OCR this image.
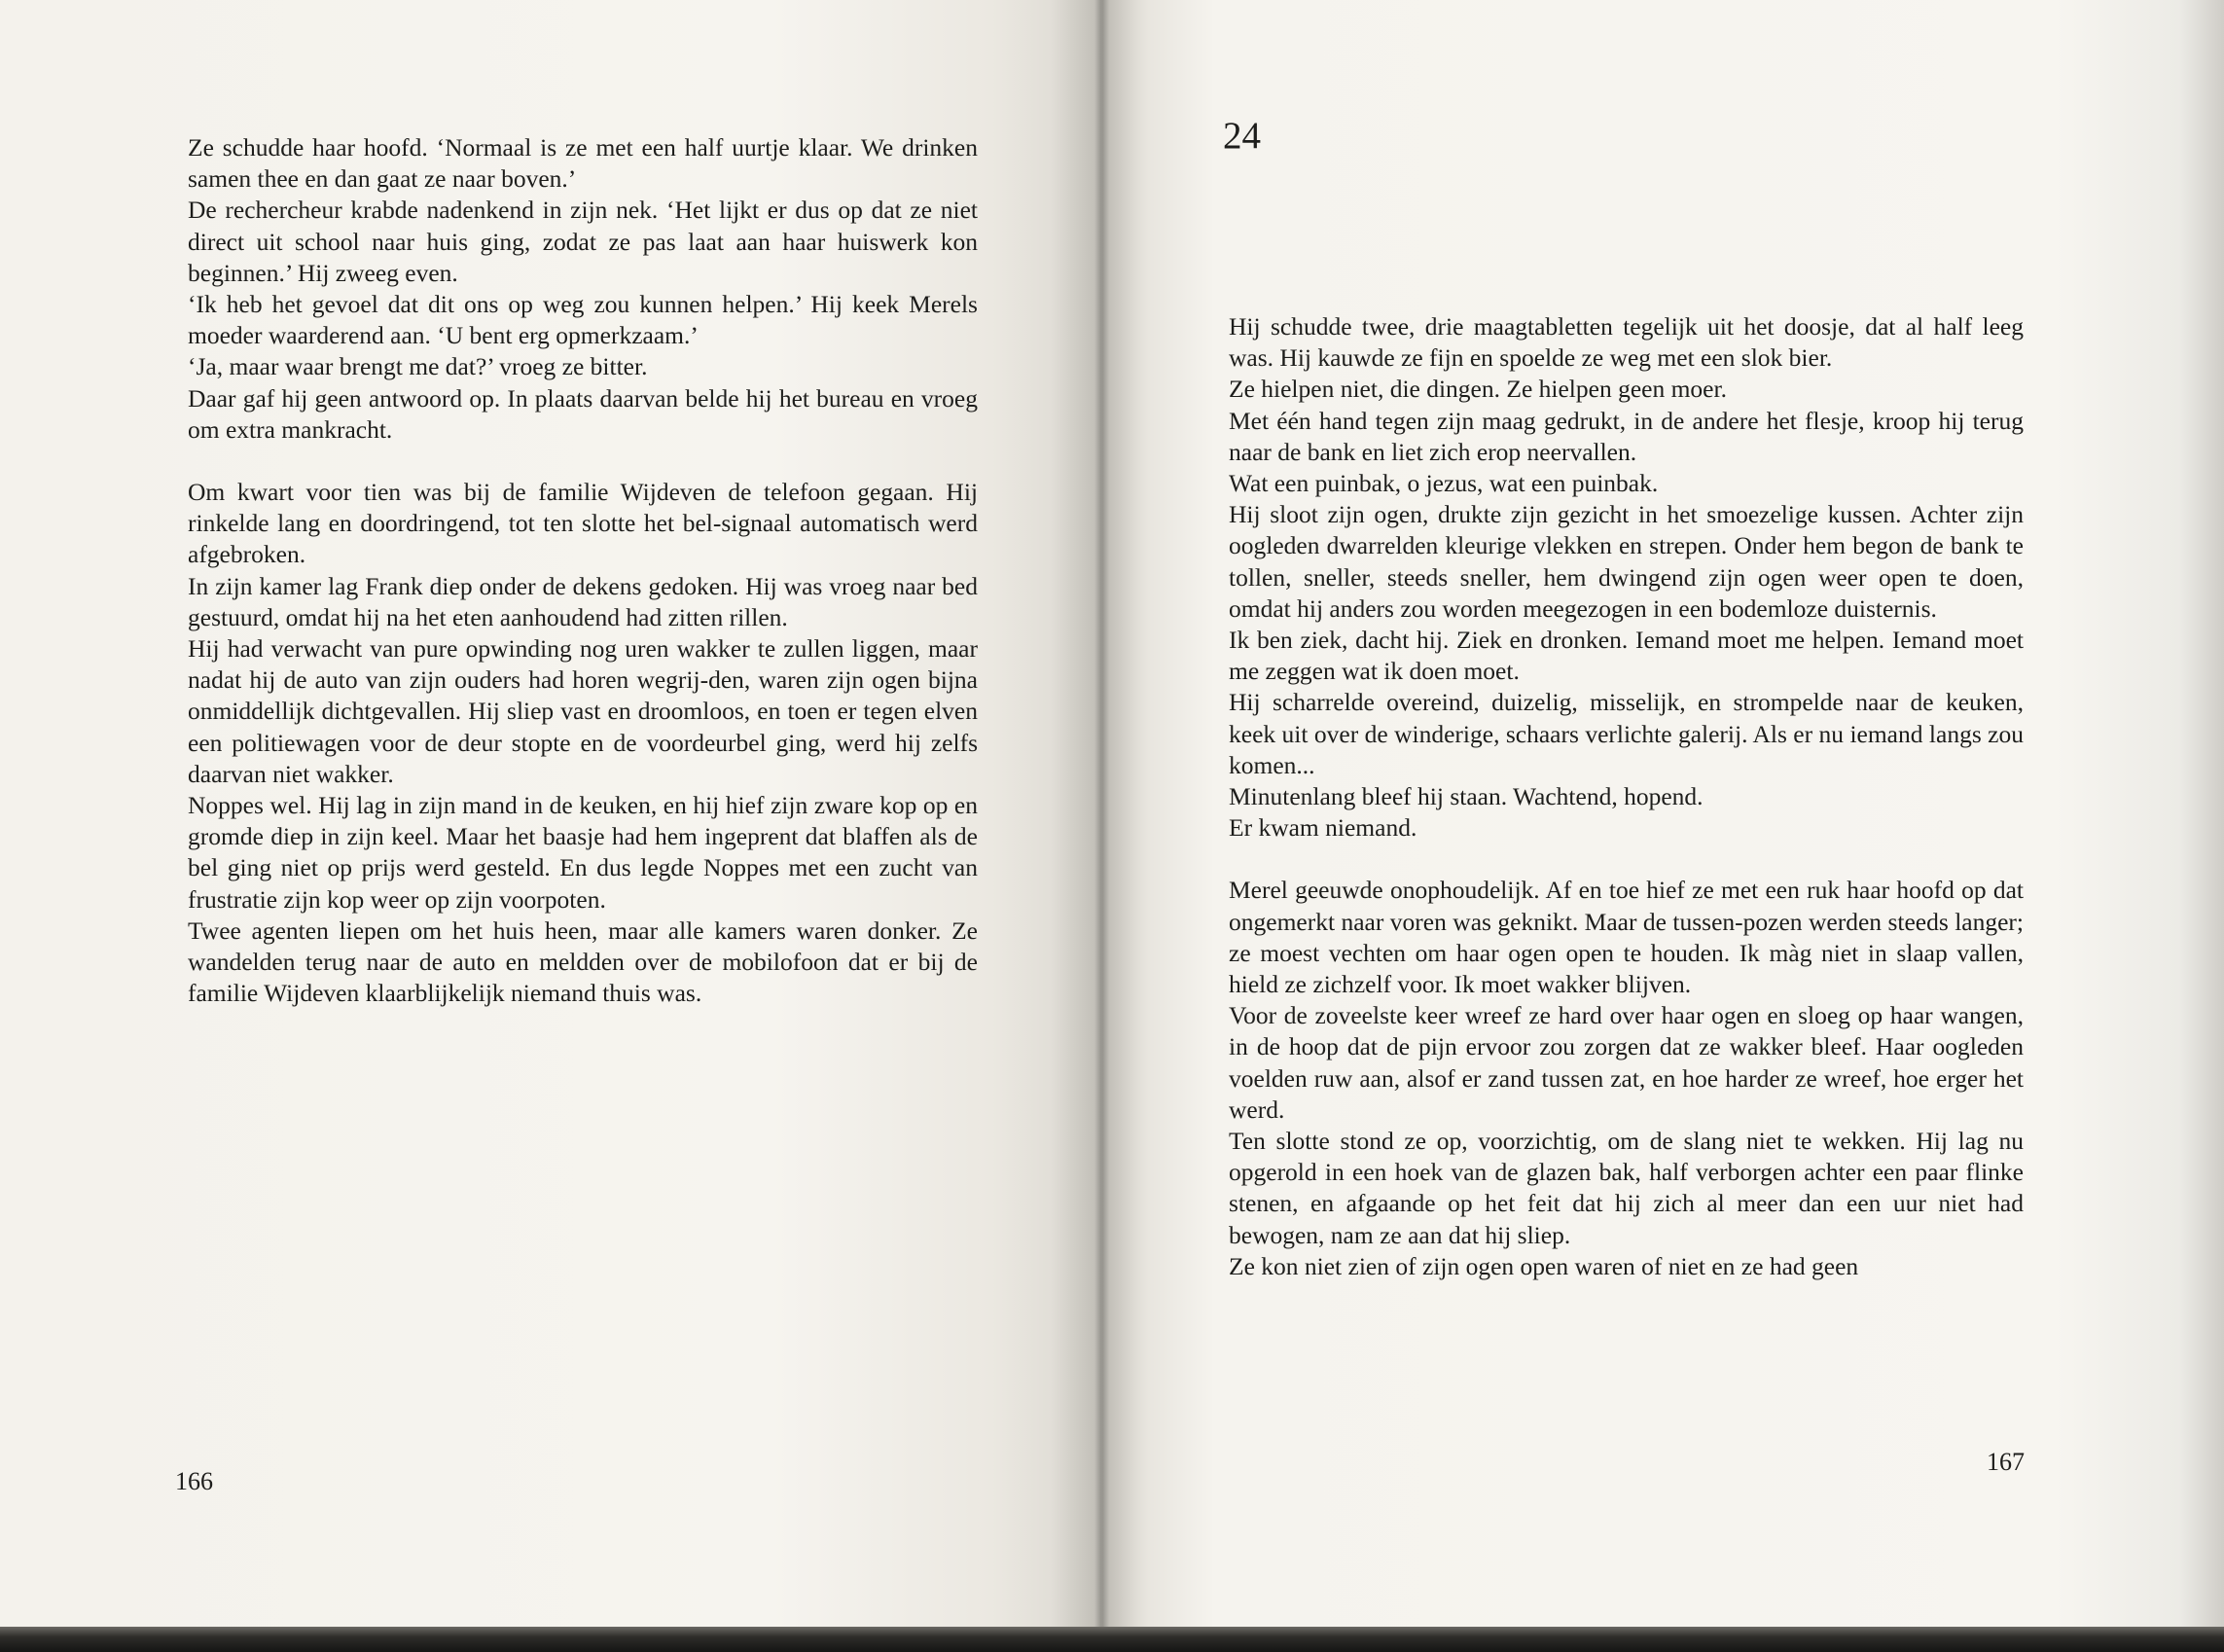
Ze schudde haar hoofd. ‘Normaal is ze met een half uurtje klaar. We drinken samen thee en dan gaat ze naar boven.’

De rechercheur krabde nadenkend in zijn nek. ‘Het lijkt er dus op dat ze niet direct uit school naar huis ging, zodat ze pas laat aan haar huiswerk kon beginnen.’ Hij zweeg even.

‘Ik heb het gevoel dat dit ons op weg zou kunnen helpen.’ Hij keek Merels moeder waarderend aan. ‘U bent erg opmerkzaam.’

‘Ja, maar waar brengt me dat?’ vroeg ze bitter.

Daar gaf hij geen antwoord op. In plaats daarvan belde hij het bureau en vroeg om extra mankracht.

Om kwart voor tien was bij de familie Wijdeven de telefoon gegaan. Hij rinkelde lang en doordringend, tot ten slotte het bel-signaal automatisch werd afgebroken.

In zijn kamer lag Frank diep onder de dekens gedoken. Hij was vroeg naar bed gestuurd, omdat hij na het eten aanhoudend had zitten rillen.

Hij had verwacht van pure opwinding nog uren wakker te zullen liggen, maar nadat hij de auto van zijn ouders had horen wegrij-den, waren zijn ogen bijna onmiddellijk dichtgevallen. Hij sliep vast en droomloos, en toen er tegen elven een politiewagen voor de deur stopte en de voordeurbel ging, werd hij zelfs daarvan niet wakker.

Noppes wel. Hij lag in zijn mand in de keuken, en hij hief zijn zware kop op en gromde diep in zijn keel. Maar het baasje had hem ingeprent dat blaffen als de bel ging niet op prijs werd gesteld. En dus legde Noppes met een zucht van frustratie zijn kop weer op zijn voorpoten.

Twee agenten liepen om het huis heen, maar alle kamers waren donker. Ze wandelden terug naar de auto en meldden over de mobilofoon dat er bij de familie Wijdeven klaarblijkelijk niemand thuis was.

166
24

Hij schudde twee, drie maagtabletten tegelijk uit het doosje, dat al half leeg was. Hij kauwde ze fijn en spoelde ze weg met een slok bier.

Ze hielpen niet, die dingen. Ze hielpen geen moer.

Met één hand tegen zijn maag gedrukt, in de andere het flesje, kroop hij terug naar de bank en liet zich erop neervallen.

Wat een puinbak, o jezus, wat een puinbak.

Hij sloot zijn ogen, drukte zijn gezicht in het smoezelige kussen. Achter zijn oogleden dwarrelden kleurige vlekken en strepen. Onder hem begon de bank te tollen, sneller, steeds sneller, hem dwingend zijn ogen weer open te doen, omdat hij anders zou worden meegezogen in een bodemloze duisternis.

Ik ben ziek, dacht hij. Ziek en dronken. Iemand moet me helpen. Iemand moet me zeggen wat ik doen moet.

Hij scharrelde overeind, duizelig, misselijk, en strompelde naar de keuken, keek uit over de winderige, schaars verlichte galerij. Als er nu iemand langs zou komen...

Minutenlang bleef hij staan. Wachtend, hopend.

Er kwam niemand.

Merel geeuwde onophoudelijk. Af en toe hief ze met een ruk haar hoofd op dat ongemerkt naar voren was geknikt. Maar de tussen-pozen werden steeds langer; ze moest vechten om haar ogen open te houden. Ik màg niet in slaap vallen, hield ze zichzelf voor. Ik moet wakker blijven.

Voor de zoveelste keer wreef ze hard over haar ogen en sloeg op haar wangen, in de hoop dat de pijn ervoor zou zorgen dat ze wakker bleef. Haar oogleden voelden ruw aan, alsof er zand tussen zat, en hoe harder ze wreef, hoe erger het werd.

Ten slotte stond ze op, voorzichtig, om de slang niet te wekken. Hij lag nu opgerold in een hoek van de glazen bak, half verborgen achter een paar flinke stenen, en afgaande op het feit dat hij zich al meer dan een uur niet had bewogen, nam ze aan dat hij sliep.

Ze kon niet zien of zijn ogen open waren of niet en ze had geen

167
